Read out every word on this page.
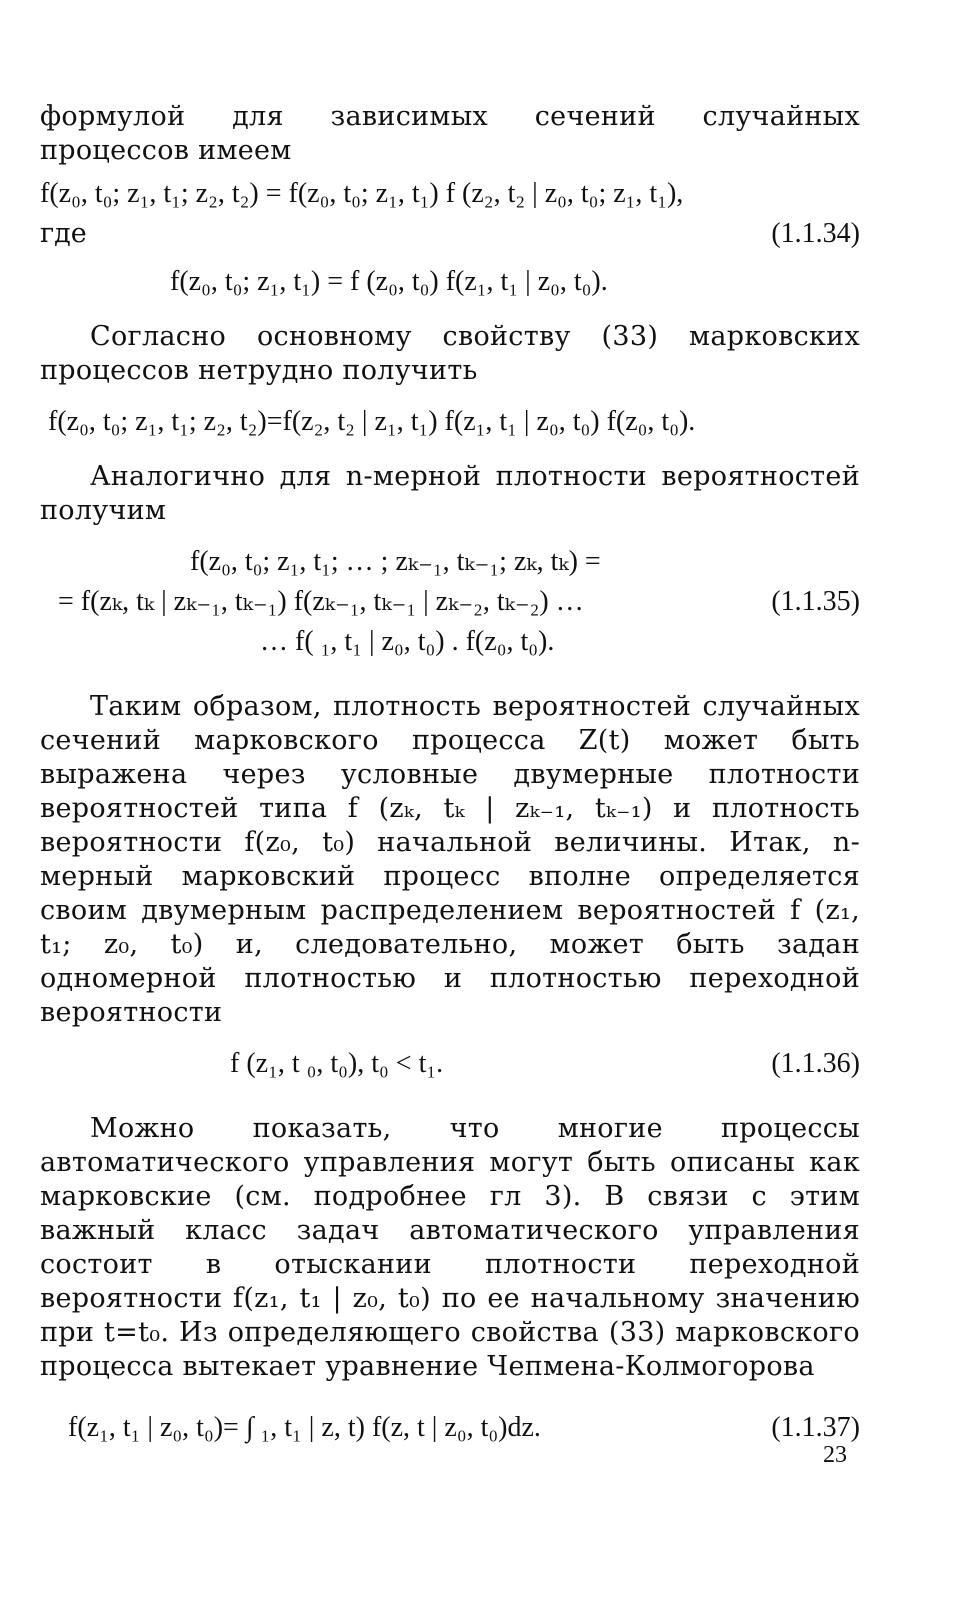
формулой для зависимых сечений случайных процессов имеем

f(z₀, t₀; z₁, t₁; z₂, t₂) = f(z₀, t₀; z₁, t₁) f (z₂, t₂ | z₀, t₀; z₁, t₁),
где	(1.1.34)
f(z₀, t₀; z₁, t₁) = f (z₀, t₀) f(z₁, t₁ | z₀, t₀).

Согласно основному свойству (33) марковских процессов нетрудно получить

f(z₀, t₀; z₁, t₁; z₂, t₂)=f(z₂, t₂ | z₁, t₁) f(z₁, t₁ | z₀, t₀) f(z₀, t₀).

Аналогично для n-мерной плотности вероятностей получим

f(z₀, t₀; z₁, t₁; … ; zₖ₋₁, tₖ₋₁; zₖ, tₖ) =
= f(zₖ, tₖ | zₖ₋₁, tₖ₋₁) f(zₖ₋₁, tₖ₋₁ | zₖ₋₂, tₖ₋₂) …	(1.1.35)
… f( ₁, t₁ | z₀, t₀) . f(z₀, t₀).

Таким образом, плотность вероятностей случайных сечений марковского процесса Z(t) может быть выражена через условные двумерные плотности вероятностей типа f (zₖ, tₖ | zₖ₋₁, tₖ₋₁) и плотность вероятности f(z₀, t₀) начальной величины. Итак, n-мерный марковский процесс вполне определяется своим двумерным распределением вероятностей f (z₁, t₁; z₀, t₀) и, следовательно, может быть задан одномерной плотностью и плотностью переходной вероятности

f (z₁, t ₀, t₀), t₀ < t₁.	(1.1.36)

Можно показать, что многие процессы автоматического управления могут быть описаны как марковские (см. подробнее гл 3). В связи с этим важный класс задач автоматического управления состоит в отыскании плотности переходной вероятности f(z₁, t₁ | z₀, t₀) по ее начальному значению при t=t₀. Из определяющего свойства (33) марковского процесса вытекает уравнение Чепмена-Колмогорова

f(z₁, t₁ | z₀, t₀)= ∫ ₁, t₁ | z, t) f(z, t | z₀, t₀)dz.	(1.1.37)
23
